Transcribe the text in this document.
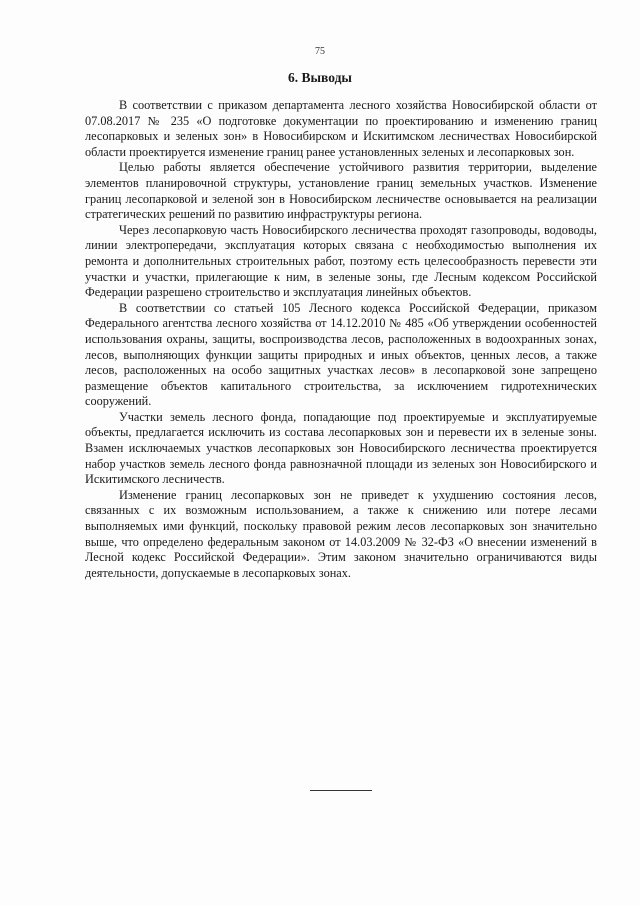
75
6. Выводы

В соответствии с приказом департамента лесного хозяйства Новосибирской области от 07.08.2017 № 235 «О подготовке документации по проектированию и изменению границ лесопарковых и зеленых зон» в Новосибирском и Искитимском лесничествах Новосибирской области проектируется изменение границ ранее установленных зеленых и лесопарковых зон.

Целью работы является обеспечение устойчивого развития территории, выделение элементов планировочной структуры, установление границ земельных участков. Изменение границ лесопарковой и зеленой зон в Новосибирском лесничестве основывается на реализации стратегических решений по развитию инфраструктуры региона.

Через лесопарковую часть Новосибирского лесничества проходят газопроводы, водоводы, линии электропередачи, эксплуатация которых связана с необходимостью выполнения их ремонта и дополнительных строительных работ, поэтому есть целесообразность перевести эти участки и участки, прилегающие к ним, в зеленые зоны, где Лесным кодексом Российской Федерации разрешено строительство и эксплуатация линейных объектов.

В соответствии со статьей 105 Лесного кодекса Российской Федерации, приказом Федерального агентства лесного хозяйства от 14.12.2010 № 485 «Об утверждении особенностей использования охраны, защиты, воспроизводства лесов, расположенных в водоохранных зонах, лесов, выполняющих функции защиты природных и иных объектов, ценных лесов, а также лесов, расположенных на особо защитных участках лесов» в лесопарковой зоне запрещено размещение объектов капитального строительства, за исключением гидротехнических сооружений.

Участки земель лесного фонда, попадающие под проектируемые и эксплуатируемые объекты, предлагается исключить из состава лесопарковых зон и перевести их в зеленые зоны. Взамен исключаемых участков лесопарковых зон Новосибирского лесничества проектируется набор участков земель лесного фонда равнозначной площади из зеленых зон Новосибирского и Искитимского лесничеств.

Изменение границ лесопарковых зон не приведет к ухудшению состояния лесов, связанных с их возможным использованием, а также к снижению или потере лесами выполняемых ими функций, поскольку правовой режим лесов лесопарковых зон значительно выше, что определено федеральным законом от 14.03.2009 № 32-ФЗ «О внесении изменений в Лесной кодекс Российской Федерации». Этим законом значительно ограничиваются виды деятельности, допускаемые в лесопарковых зонах.
